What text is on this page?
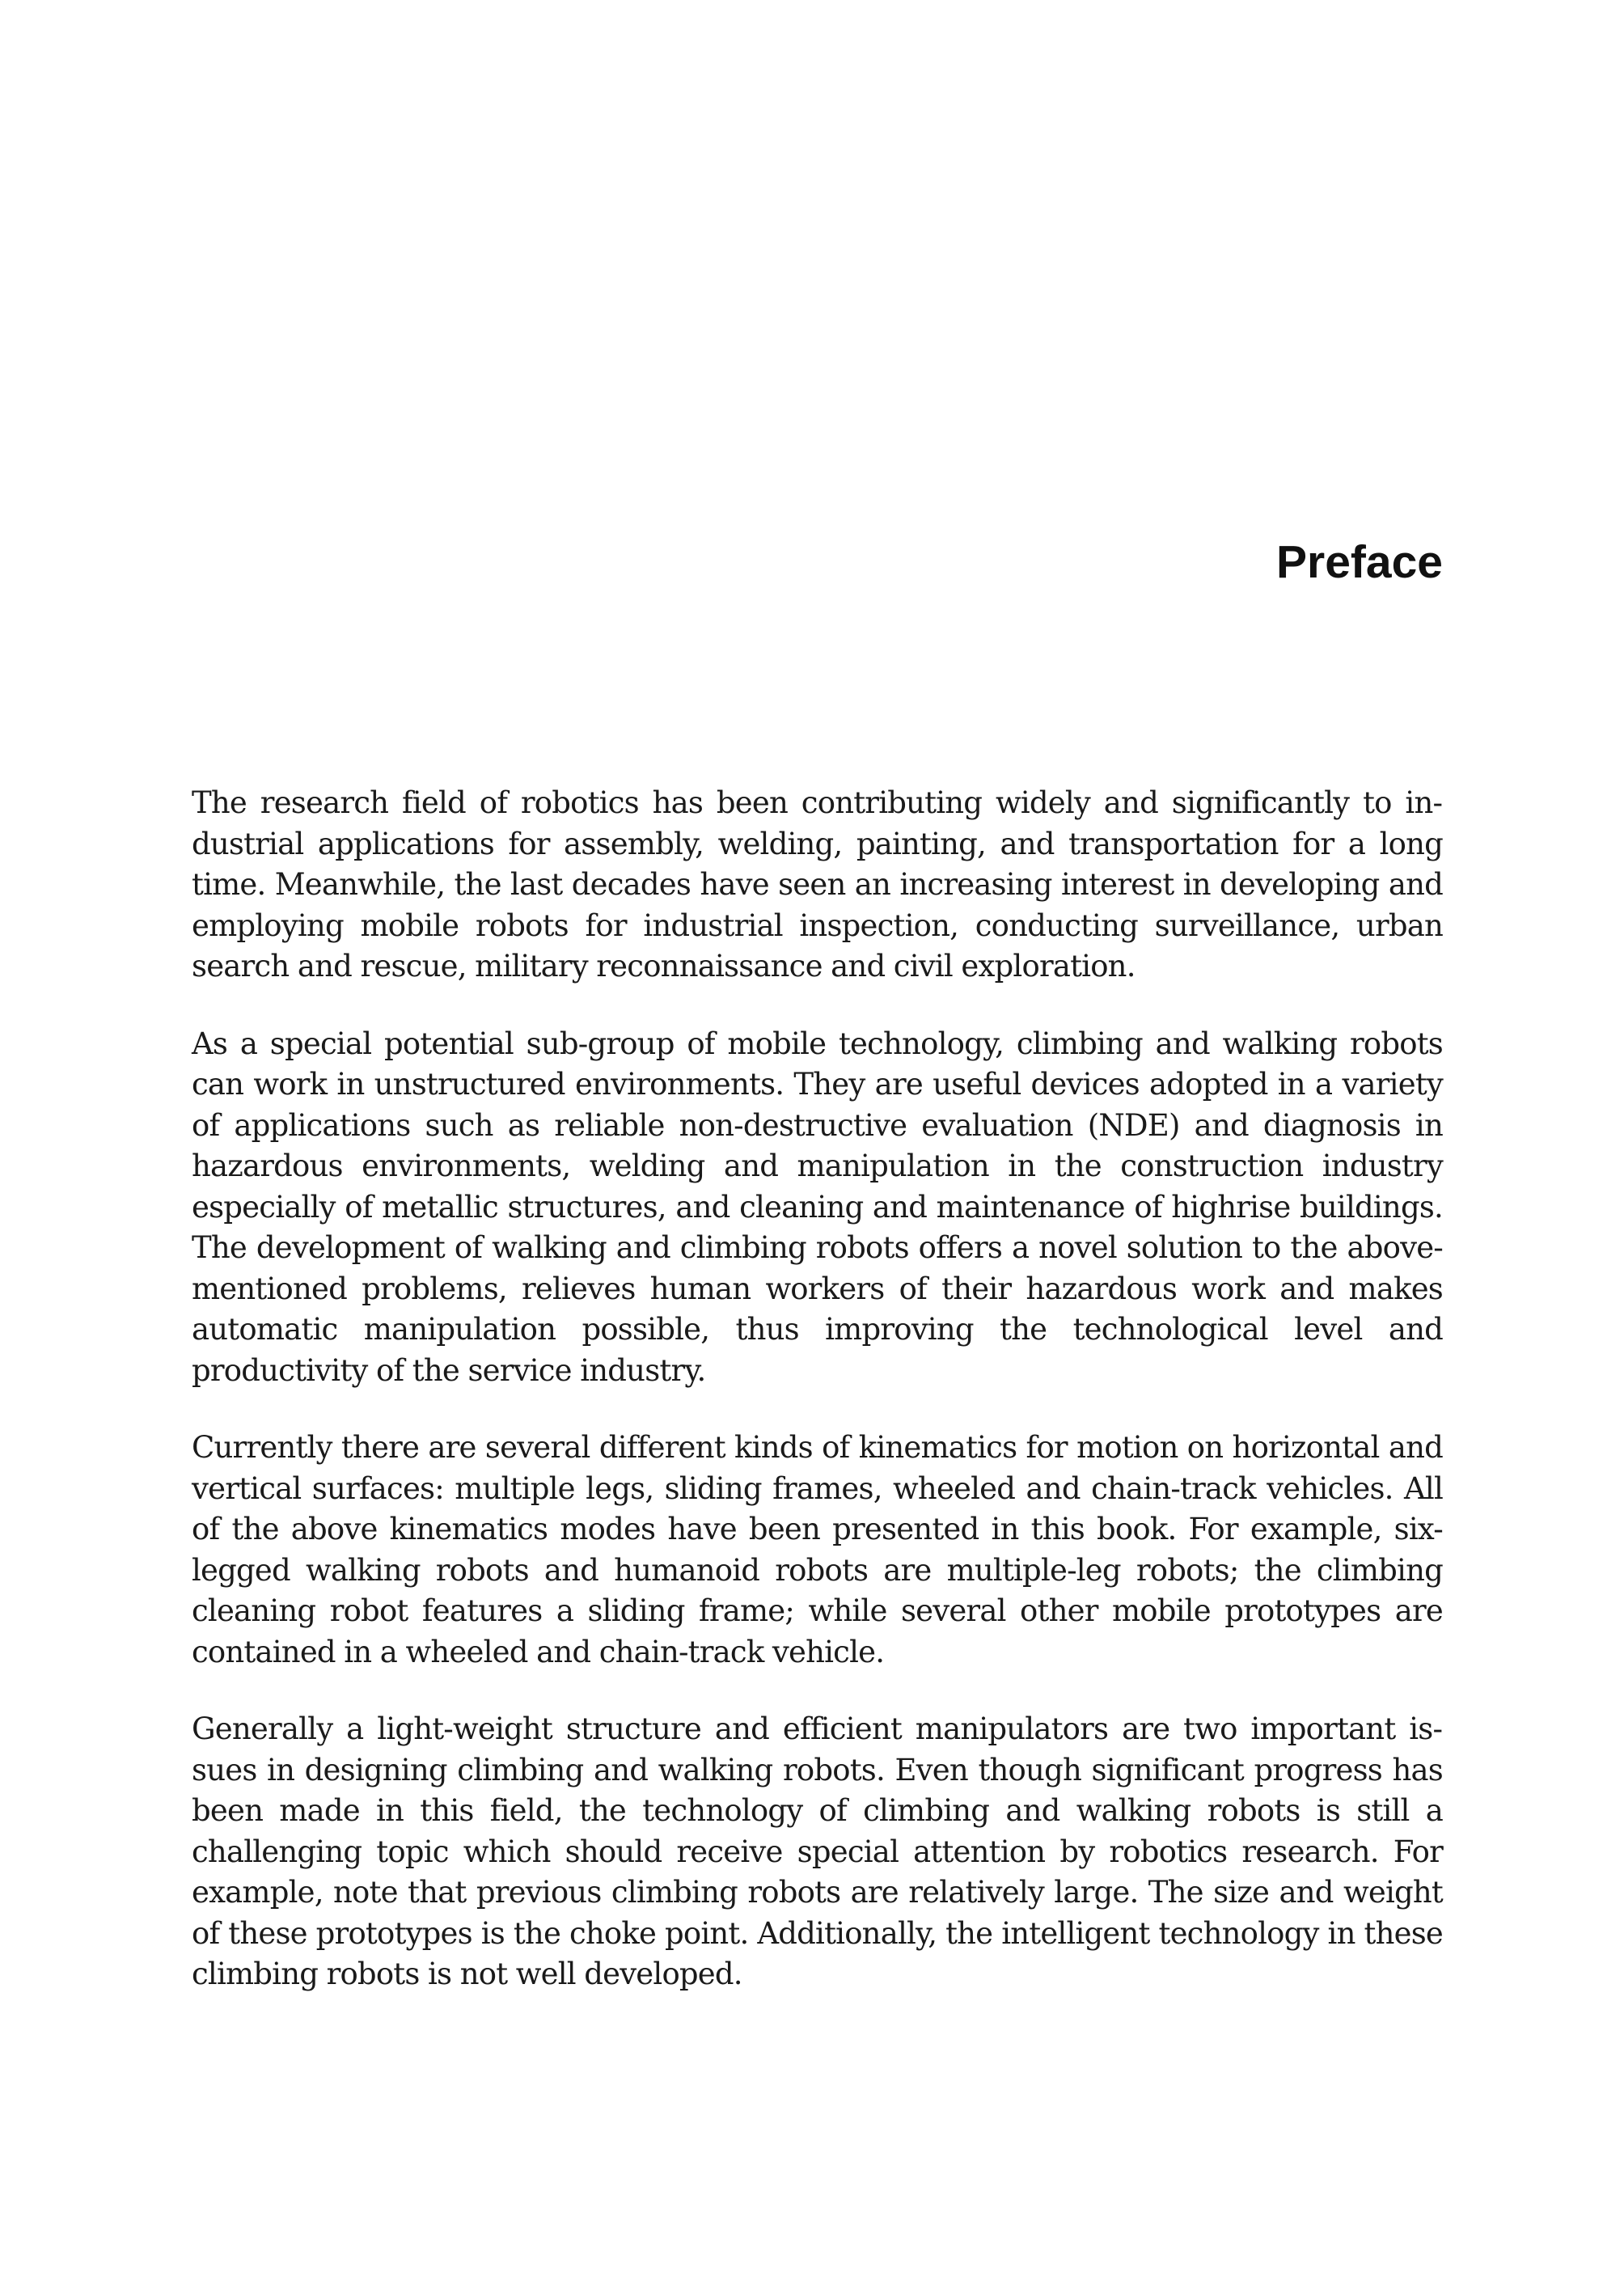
Preface

The research field of robotics has been contributing widely and significantly to industrial applications for assembly, welding, painting, and transportation for a long time. Meanwhile, the last decades have seen an increasing interest in developing and employing mobile robots for industrial inspection, conducting surveillance, urban search and rescue, military reconnaissance and civil exploration.

As a special potential sub-group of mobile technology, climbing and walking robots can work in unstructured environments. They are useful devices adopted in a variety of applications such as reliable non-destructive evaluation (NDE) and diagnosis in hazardous environments, welding and manipulation in the construction industry especially of metallic structures, and cleaning and maintenance of highrise buildings. The development of walking and climbing robots offers a novel solution to the above-mentioned problems, relieves human workers of their hazardous work and makes automatic manipulation possible, thus improving the technological level and productivity of the service industry.

Currently there are several different kinds of kinematics for motion on horizontal and vertical surfaces: multiple legs, sliding frames, wheeled and chain-track vehicles. All of the above kinematics modes have been presented in this book. For example, six-legged walking robots and humanoid robots are multiple-leg robots; the climbing cleaning robot features a sliding frame; while several other mobile prototypes are contained in a wheeled and chain-track vehicle.

Generally a light-weight structure and efficient manipulators are two important issues in designing climbing and walking robots. Even though significant progress has been made in this field, the technology of climbing and walking robots is still a challenging topic which should receive special attention by robotics research. For example, note that previous climbing robots are relatively large. The size and weight of these prototypes is the choke point. Additionally, the intelligent technology in these climbing robots is not well developed.
